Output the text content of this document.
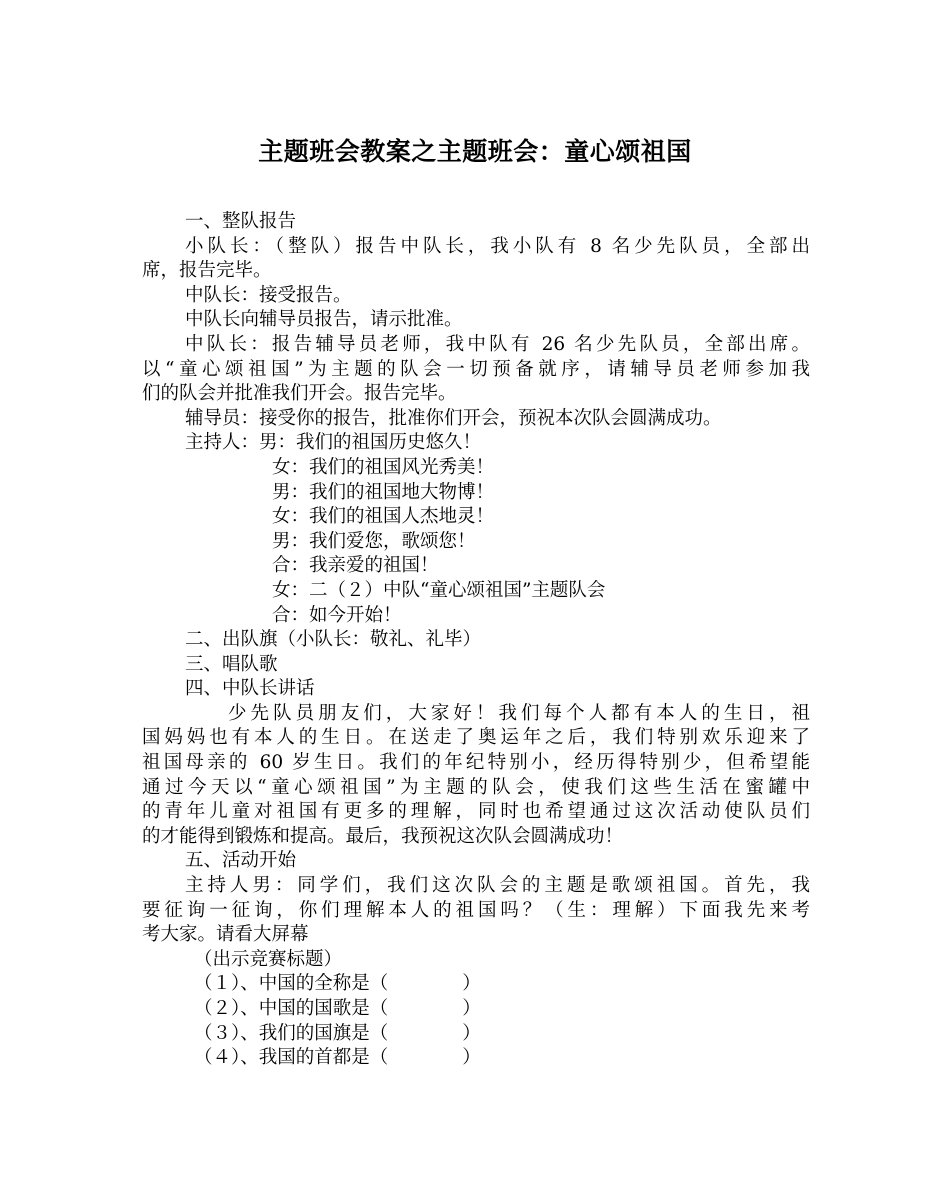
主题班会教案之主题班会：童心颂祖国
一、整队报告
小队长：（整队）报告中队长，我小队有 8 名少先队员，全部出
席，报告完毕。
中队长：接受报告。
中队长向辅导员报告，请示批准。
中队长：报告辅导员老师，我中队有 26 名少先队员，全部出席。
以“童心颂祖国”为主题的队会一切预备就序，请辅导员老师参加我
们的队会并批准我们开会。报告完毕。
辅导员：接受你的报告，批准你们开会，预祝本次队会圆满成功。
主持人：男：我们的祖国历史悠久！
女：我们的祖国风光秀美！
男：我们的祖国地大物博！
女：我们的祖国人杰地灵！
男：我们爱您，歌颂您！
合：我亲爱的祖国！
女：二（２）中队“童心颂祖国”主题队会
合：如今开始！
二、出队旗（小队长：敬礼、礼毕）
三、唱队歌
四、中队长讲话
少先队员朋友们，大家好！我们每个人都有本人的生日，祖
国妈妈也有本人的生日。在送走了奥运年之后，我们特别欢乐迎来了
祖国母亲的 60 岁生日。我们的年纪特别小，经历得特别少，但希望能
通过今天以“童心颂祖国”为主题的队会，使我们这些生活在蜜罐中
的青年儿童对祖国有更多的理解，同时也希望通过这次活动使队员们
的才能得到锻炼和提高。最后，我预祝这次队会圆满成功！
五、活动开始
主持人男：同学们，我们这次队会的主题是歌颂祖国。首先，我
要征询一征询，你们理解本人的祖国吗？（生：理解）下面我先来考
考大家。请看大屏幕
（出示竞赛标题）
（１）、中国的全称是（　　　　）
（２）、中国的国歌是（　　　　）
（３）、我们的国旗是（　　　　）
（４）、我国的首都是（　　　　）
